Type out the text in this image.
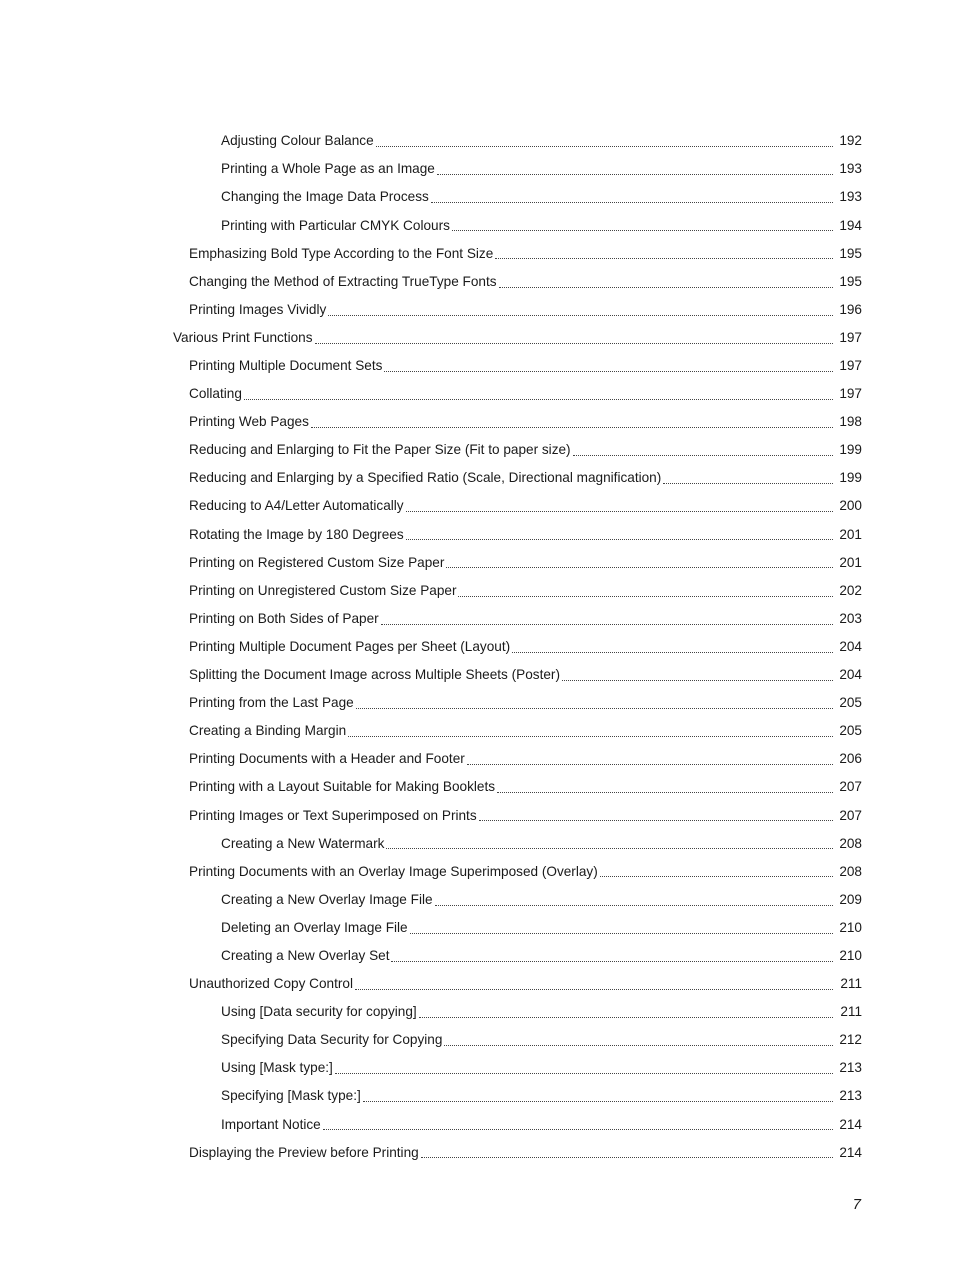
Adjusting Colour Balance	192
Printing a Whole Page as an Image	193
Changing the Image Data Process	193
Printing with Particular CMYK Colours	194
Emphasizing Bold Type According to the Font Size	195
Changing the Method of Extracting TrueType Fonts	195
Printing Images Vividly	196
Various Print Functions	197
Printing Multiple Document Sets	197
Collating	197
Printing Web Pages	198
Reducing and Enlarging to Fit the Paper Size (Fit to paper size)	199
Reducing and Enlarging by a Specified Ratio (Scale, Directional magnification)	199
Reducing to A4/Letter Automatically	200
Rotating the Image by 180 Degrees	201
Printing on Registered Custom Size Paper	201
Printing on Unregistered Custom Size Paper	202
Printing on Both Sides of Paper	203
Printing Multiple Document Pages per Sheet (Layout)	204
Splitting the Document Image across Multiple Sheets (Poster)	204
Printing from the Last Page	205
Creating a Binding Margin	205
Printing Documents with a Header and Footer	206
Printing with a Layout Suitable for Making Booklets	207
Printing Images or Text Superimposed on Prints	207
Creating a New Watermark	208
Printing Documents with an Overlay Image Superimposed (Overlay)	208
Creating a New Overlay Image File	209
Deleting an Overlay Image File	210
Creating a New Overlay Set	210
Unauthorized Copy Control	211
Using [Data security for copying]	211
Specifying Data Security for Copying	212
Using [Mask type:]	213
Specifying [Mask type:]	213
Important Notice	214
Displaying the Preview before Printing	214
7
